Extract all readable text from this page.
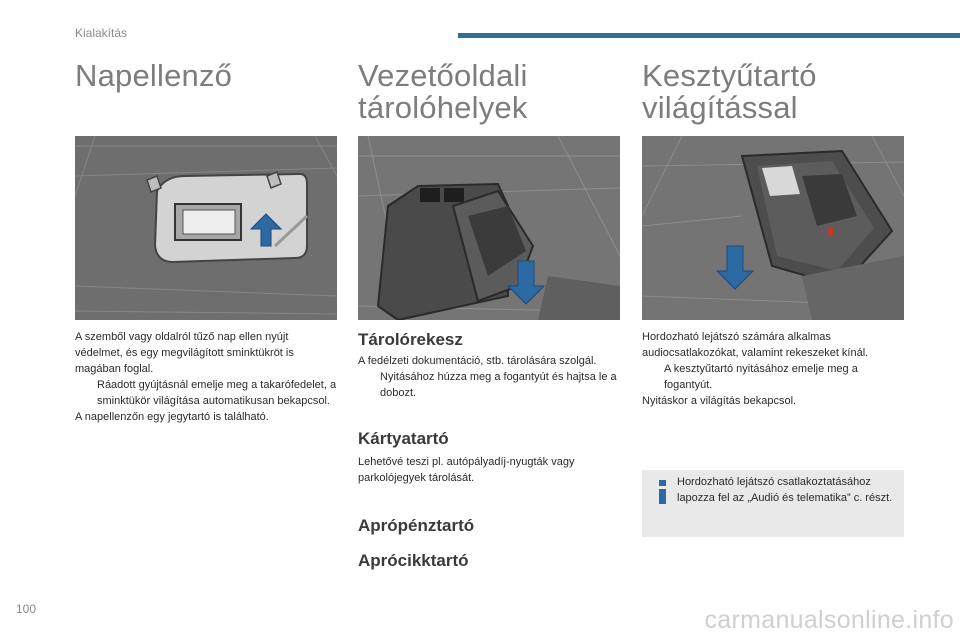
Kialakítás
Napellenző

A szemből vagy oldalról tűző nap ellen nyújt védelmet, és egy megvilágított sminktükröt is magában foglal.

Ráadott gyújtásnál emelje meg a takarófedelet, a sminktükör világítása automatikusan bekapcsol.

A napellenzőn egy jegytartó is található.

Vezetőoldali
tárolóhelyek
Tárolórekesz

A fedélzeti dokumentáció, stb. tárolására szolgál.

Nyitásához húzza meg a fogantyút és hajtsa le a dobozt.
Kártyatartó

Lehetővé teszi pl. autópályadíj-nyugták vagy parkolójegyek tárolását.

Aprópénztartó
Aprócikktartó
Kesztyűtartó
világítással

Hordozható lejátszó számára alkalmas audiocsatlakozókat, valamint rekeszeket kínál.

A kesztyűtartó nyitásához emelje meg a fogantyút.

Nyitáskor a világítás bekapcsol.

Hordozható lejátszó csatlakoztatásához lapozza fel az „Audió és telematika” c. részt.
100	carmanualsonline.info
